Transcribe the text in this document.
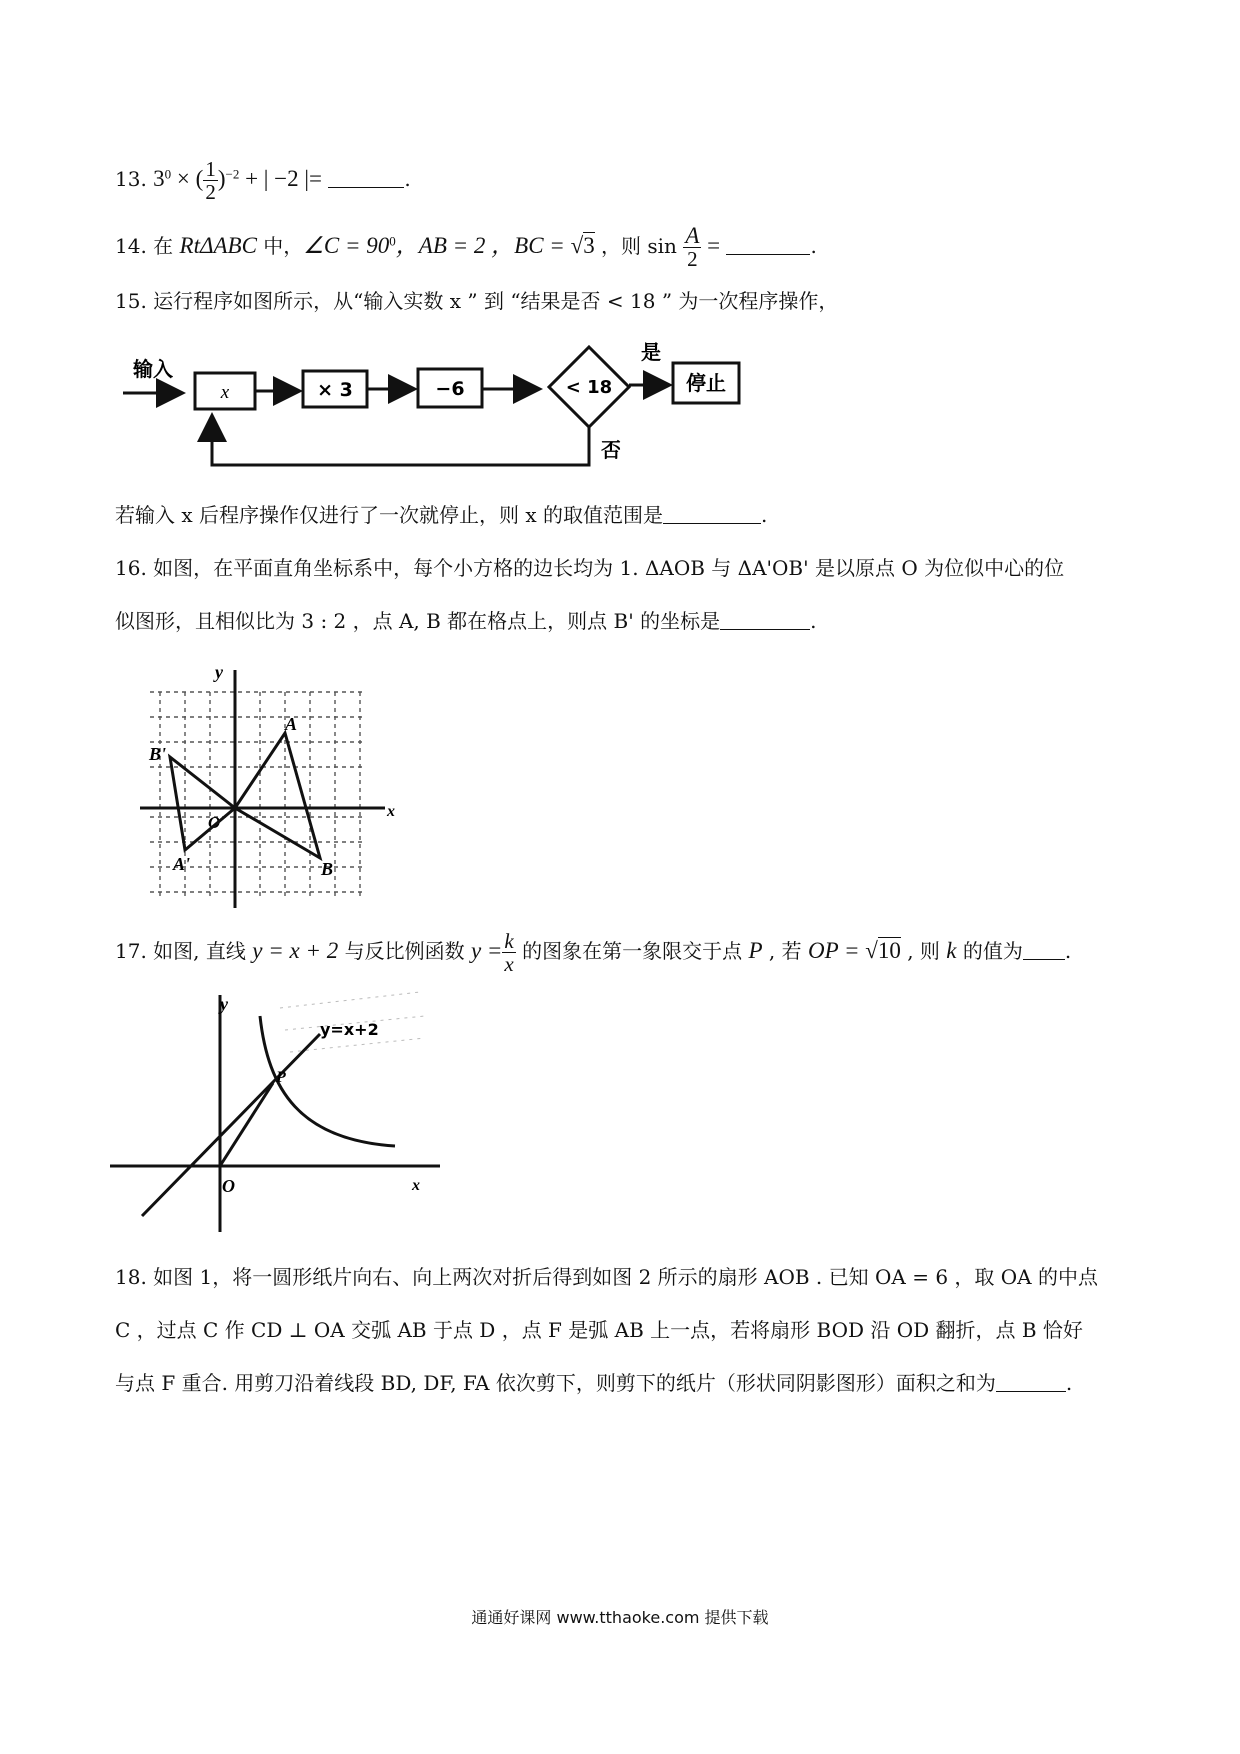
13. $3^0$ × ( $\frac{1}{2} )^{-2}$ + | −2 |=	.
14. 在 RtΔABC 中，∠C = $90^0$，AB = 2 ，BC = √3 ，则 $\sin \frac{A}{2}$ =	.
15. 运行程序如图所示，从“输入实数 x ” 到 “结果是否 < 18 ” 为一次程序操作，
输入
x	× 3	−6	< 18
是
停止
否
若输入 x 后程序操作仅进行了一次就停止，则 x 的取值范围是	.
16. 如图，在平面直角坐标系中，每个小方格的边长均为 1. ΔAOB 与 ΔA'OB' 是以原点 O 为位似中心的位
似图形，且相似比为 3 : 2 ，点 A, B 都在格点上，则点 B' 的坐标是	.
y
x
O
A
B
A'
B'
17. 如图, 直线 y = x + 2 与反比例函数 $y = \frac{k}{x}$ 的图象在第一象限交于点 P , 若 OP = √10 , 则 k 的值为 .
y
x
O
P
y=x+2
18. 如图 1，将一圆形纸片向右、向上两次对折后得到如图 2 所示的扇形 AOB . 已知 OA = 6 ，取 OA 的中点
C ，过点 C 作 CD ⊥ OA 交弧 AB 于点 D ，点 F 是弧 AB 上一点，若将扇形 BOD 沿 OD 翻折，点 B 恰好
与点 F 重合. 用剪刀沿着线段 BD, DF, FA 依次剪下，则剪下的纸片（形状同阴影图形）面积之和为	.
通通好课网 www.tthaoke.com 提供下载
